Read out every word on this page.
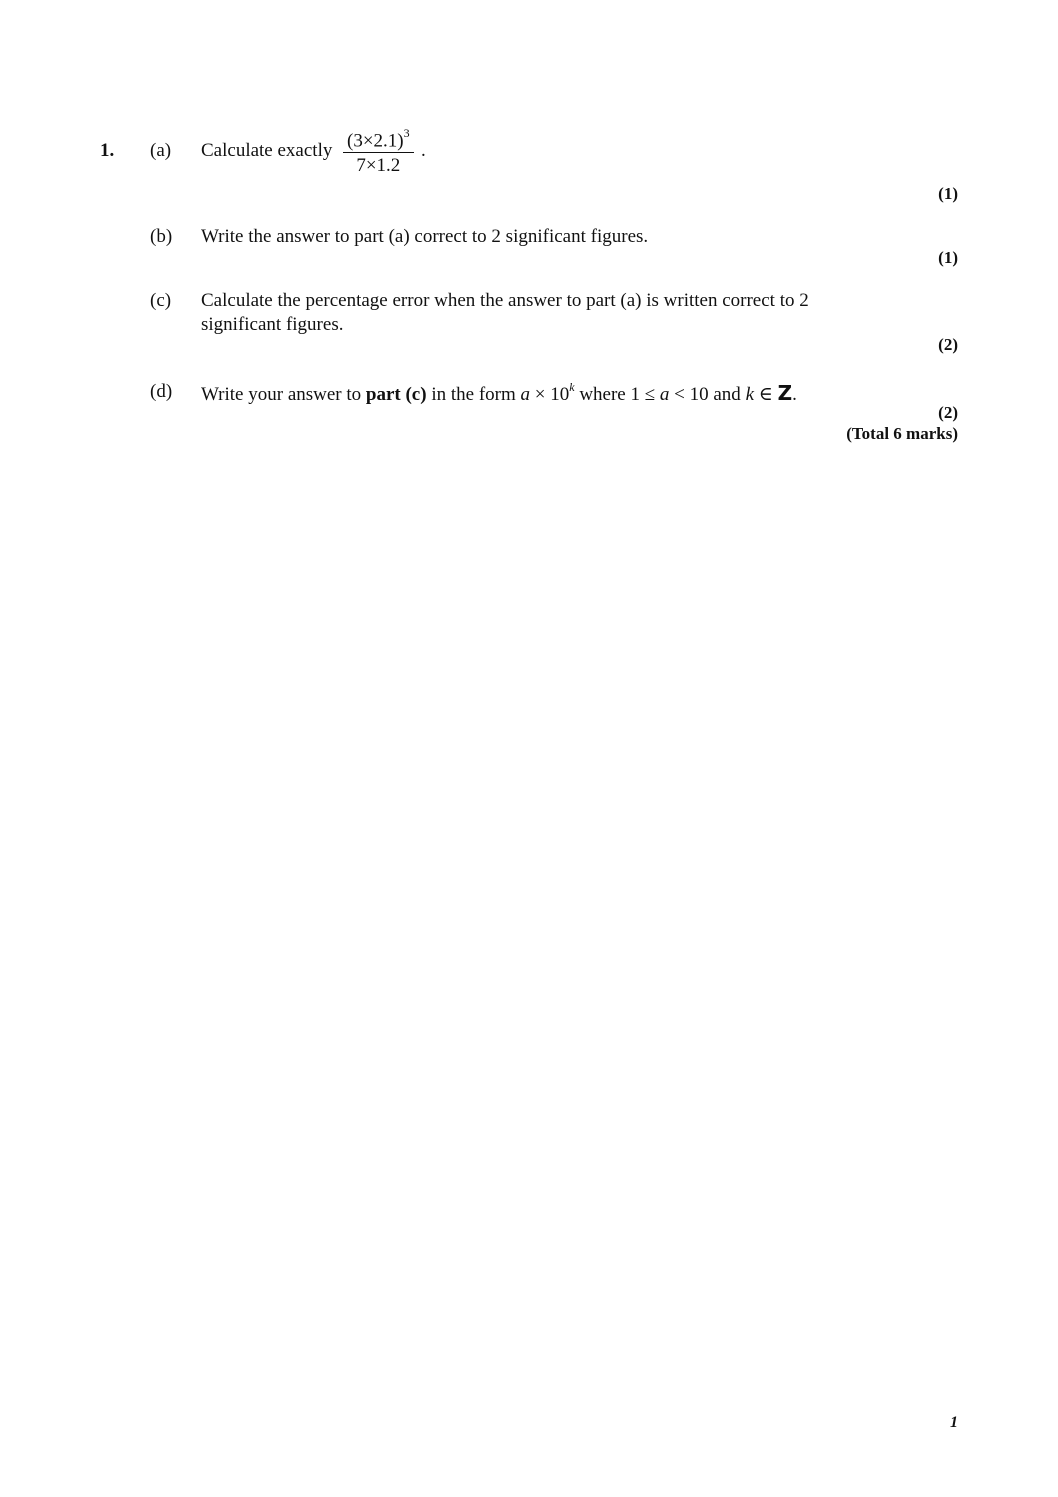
1. (a) Calculate exactly $\frac{(3\times 2.1)^3}{7\times 1.2}$ .
(1)
(b) Write the answer to part (a) correct to 2 significant figures.
(1)
(c) Calculate the percentage error when the answer to part (a) is written correct to 2
significant figures.
(2)
(d) Write your answer to part (c) in the form $a \times 10^k$ where 1 ≤ a < 10 and k ∈ Z.
(2)
(Total 6 marks)
1
